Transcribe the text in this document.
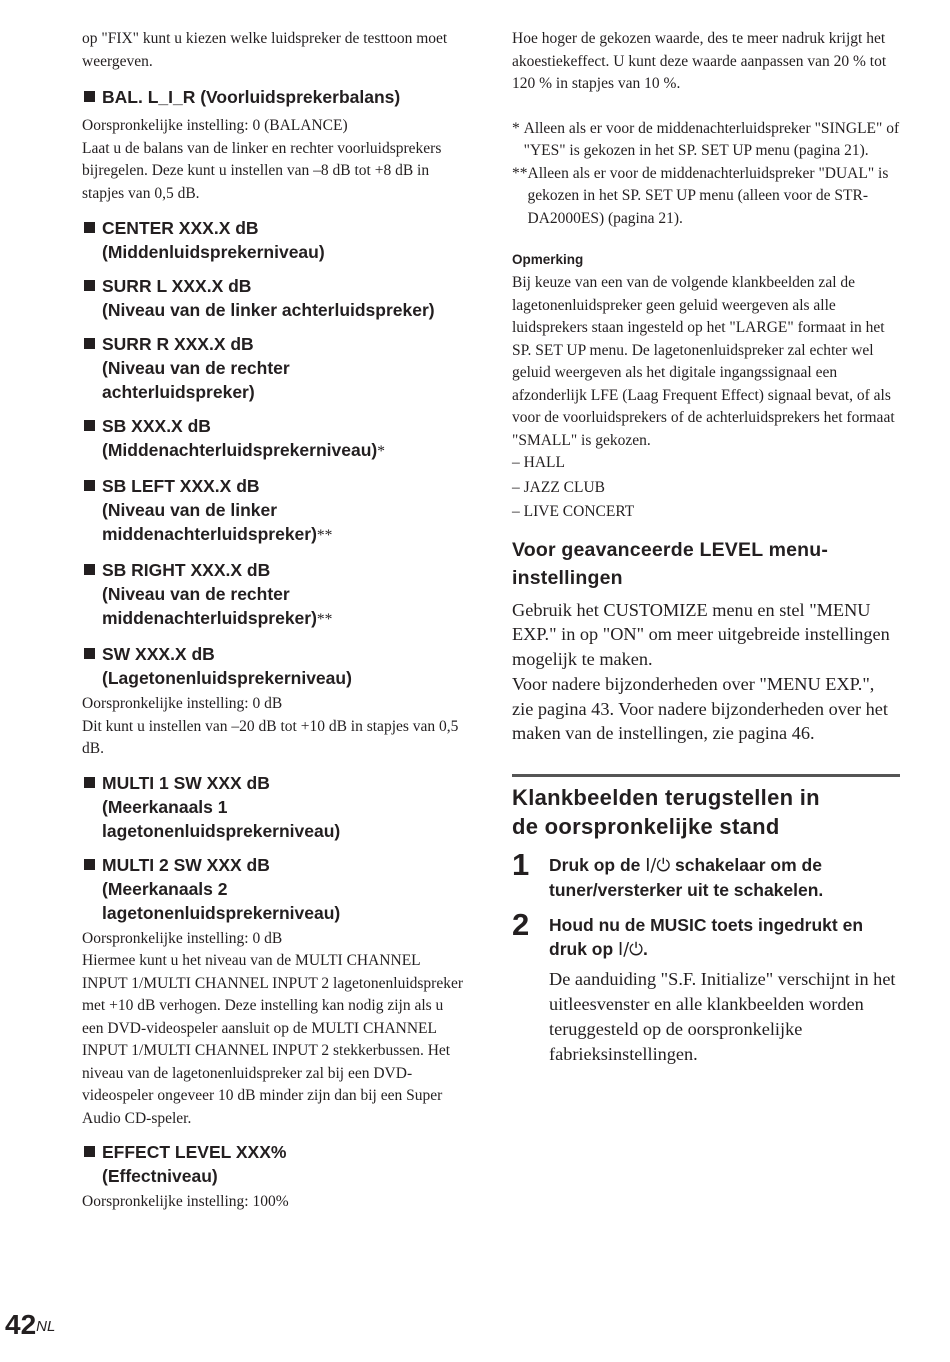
op "FIX" kunt u kiezen welke luidspreker de testtoon moet weergeven.

BAL. L_I_R (Voorluidsprekerbalans)

Oorspronkelijke instelling: 0 (BALANCE)

Laat u de balans van de linker en rechter voorluidsprekers bijregelen. Deze kunt u instellen van –8 dB tot +8 dB in stapjes van 0,5 dB.

CENTER XXX.X dB
(Middenluidsprekerniveau)

SURR L XXX.X dB
(Niveau van de linker achterluidspreker)

SURR R XXX.X dB
(Niveau van de rechter
achterluidspreker)

SB XXX.X dB
(Middenachterluidsprekerniveau)*

SB LEFT XXX.X dB
(Niveau van de linker
middenachterluidspreker)**

SB RIGHT XXX.X dB
(Niveau van de rechter
middenachterluidspreker)**

SW XXX.X dB
(Lagetonenluidsprekerniveau)

Oorspronkelijke instelling: 0 dB

Dit kunt u instellen van –20 dB tot +10 dB in stapjes van 0,5 dB.

MULTI 1 SW XXX dB
(Meerkanaals 1
lagetonenluidsprekerniveau)

MULTI 2 SW XXX dB
(Meerkanaals 2
lagetonenluidsprekerniveau)

Oorspronkelijke instelling: 0 dB

Hiermee kunt u het niveau van de MULTI CHANNEL INPUT 1/MULTI CHANNEL INPUT 2 lagetonenluidspreker met +10 dB verhogen. Deze instelling kan nodig zijn als u een DVD-videospeler aansluit op de MULTI CHANNEL INPUT 1/MULTI CHANNEL INPUT 2 stekkerbussen. Het niveau van de lagetonenluidspreker zal bij een DVD-videospeler ongeveer 10 dB minder zijn dan bij een Super Audio CD-speler.

EFFECT LEVEL XXX%
(Effectniveau)

Oorspronkelijke instelling: 100%

Hoe hoger de gekozen waarde, des te meer nadruk krijgt het akoestiekeffect. U kunt deze waarde aanpassen van 20 % tot 120 % in stapjes van 10 %.

* Alleen als er voor de middenachterluidspreker "SINGLE" of "YES" is gekozen in het SP. SET UP menu (pagina 21).

** Alleen als er voor de middenachterluidspreker "DUAL" is gekozen in het SP. SET UP menu (alleen voor de STR-DA2000ES) (pagina 21).

Opmerking

Bij keuze van een van de volgende klankbeelden zal de lagetonenluidspreker geen geluid weergeven als alle luidsprekers staan ingesteld op het "LARGE" formaat in het SP. SET UP menu. De lagetonenluidspreker zal echter wel geluid weergeven als het digitale ingangssignaal een afzonderlijk LFE (Laag Frequent Effect) signaal bevat, of als voor de voorluidsprekers of de achterluidsprekers het formaat "SMALL" is gekozen.

– HALL

– JAZZ CLUB

– LIVE CONCERT

Voor geavanceerde LEVEL menu-
instellingen

Gebruik het CUSTOMIZE menu en stel "MENU EXP." in op "ON" om meer uitgebreide instellingen mogelijk te maken.

Voor nadere bijzonderheden over "MENU EXP.", zie pagina 43. Voor nadere bijzonderheden over het maken van de instellingen, zie pagina 46.

Klankbeelden terugstellen in
de oorspronkelijke stand

1 Druk op de I/⏻ schakelaar om de tuner/versterker uit te schakelen.

2 Houd nu de MUSIC toets ingedrukt en druk op I/⏻.

De aanduiding "S.F. Initialize" verschijnt in het uitleesvenster en alle klankbeelden worden teruggesteld op de oorspronkelijke fabrieksinstellingen.

$42^{NL}$
